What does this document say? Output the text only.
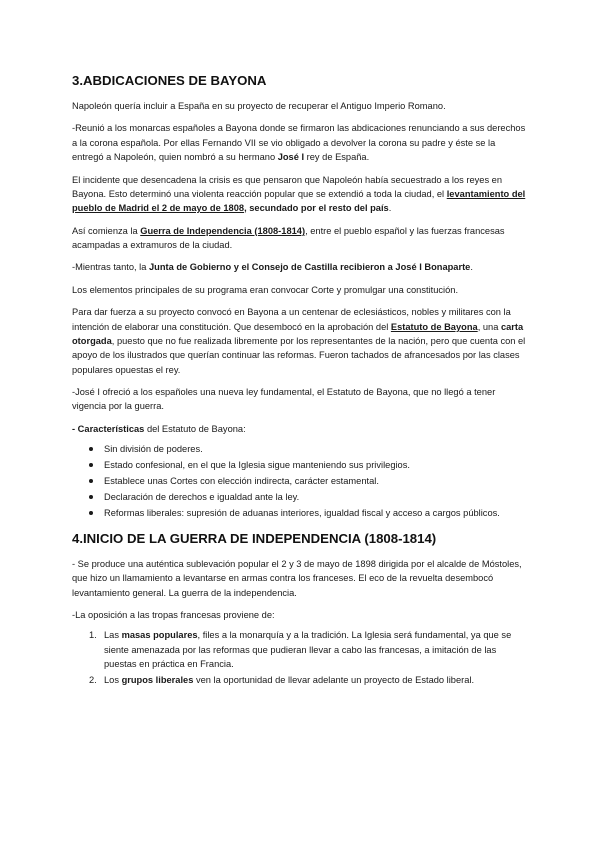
3.ABDICACIONES DE BAYONA

Napoleón quería incluir a España en su proyecto de recuperar el Antiguo Imperio Romano.

-Reunió a los monarcas españoles a Bayona donde se firmaron las abdicaciones renunciando a sus derechos a la corona española. Por ellas Fernando VII se vio obligado a devolver la corona su padre y éste se la entregó a Napoleón, quien nombró a su hermano José I rey de España.

El incidente que desencadena la crisis es que pensaron que Napoleón había secuestrado a los reyes en Bayona. Esto determinó una violenta reacción popular que se extendió a toda la ciudad, el levantamiento del pueblo de Madrid el 2 de mayo de 1808, secundado por el resto del país.

Así comienza la Guerra de Independencia (1808-1814), entre el pueblo español y las fuerzas francesas acampadas a extramuros de la ciudad.

-Mientras tanto, la Junta de Gobierno y el Consejo de Castilla recibieron a José I Bonaparte.

Los elementos principales de su programa eran convocar Corte y promulgar una constitución.

Para dar fuerza a su proyecto convocó en Bayona a un centenar de eclesiásticos, nobles y militares con la intención de elaborar una constitución. Que desembocó en la aprobación del Estatuto de Bayona, una carta otorgada, puesto que no fue realizada libremente por los representantes de la nación, pero que cuenta con el apoyo de los ilustrados que querían continuar las reformas. Fueron tachados de afrancesados por las clases populares opuestas el rey.

-José I ofreció a los españoles una nueva ley fundamental, el Estatuto de Bayona, que no llegó a tener vigencia por la guerra.

- Características del Estatuto de Bayona:

Sin división de poderes.
Estado confesional, en el que la Iglesia sigue manteniendo sus privilegios.
Establece unas Cortes con elección indirecta, carácter estamental.
Declaración de derechos e igualdad ante la ley.
Reformas liberales: supresión de aduanas interiores, igualdad fiscal y acceso a cargos públicos.
4.INICIO DE LA GUERRA DE INDEPENDENCIA (1808-1814)

- Se produce una auténtica sublevación popular el 2 y 3 de mayo de 1898 dirigida por el alcalde de Móstoles, que hizo un llamamiento a levantarse en armas contra los franceses. El eco de la revuelta desembocó levantamiento general. La guerra de la independencia.

-La oposición a las tropas francesas proviene de:

1. Las masas populares, files a la monarquía y a la tradición. La Iglesia será fundamental, ya que se siente amenazada por las reformas que pudieran llevar a cabo las francesas, a imitación de las puestas en práctica en Francia.
2. Los grupos liberales ven la oportunidad de llevar adelante un proyecto de Estado liberal.
